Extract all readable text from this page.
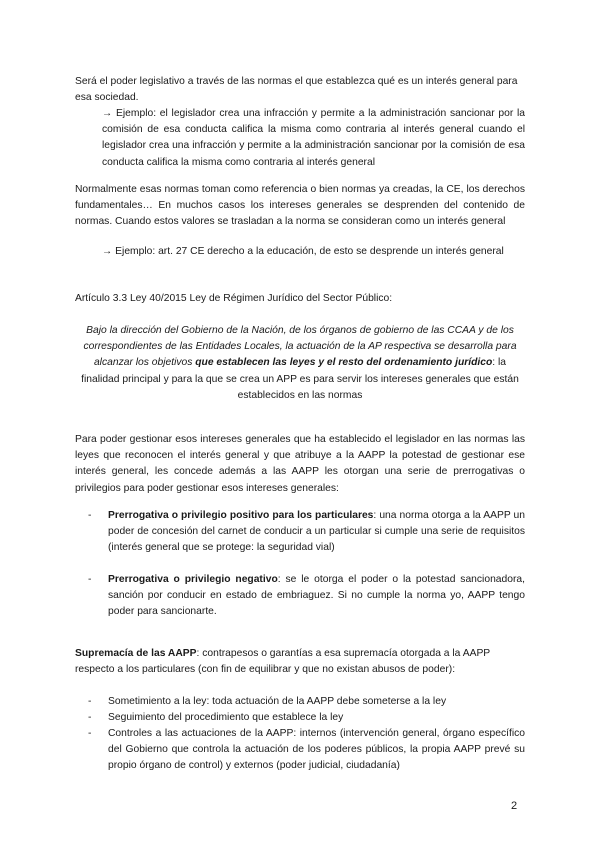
Será el poder legislativo a través de las normas el que establezca qué es un interés general para esa sociedad.

→ Ejemplo: el legislador crea una infracción y permite a la administración sancionar por la comisión de esa conducta califica la misma como contraria al interés general cuando el legislador crea una infracción y permite a la administración sancionar por la comisión de esa conducta califica la misma como contraria al interés general

Normalmente esas normas toman como referencia o bien normas ya creadas, la CE, los derechos fundamentales… En muchos casos los intereses generales se desprenden del contenido de normas. Cuando estos valores se trasladan a la norma se consideran como un interés general

→ Ejemplo: art. 27 CE derecho a la educación, de esto se desprende un interés general

Artículo 3.3 Ley 40/2015 Ley de Régimen Jurídico del Sector Público:

Bajo la dirección del Gobierno de la Nación, de los órganos de gobierno de las CCAA y de los correspondientes de las Entidades Locales, la actuación de la AP respectiva se desarrolla para alcanzar los objetivos que establecen las leyes y el resto del ordenamiento jurídico: la finalidad principal y para la que se crea un APP es para servir los intereses generales que están establecidos en las normas

Para poder gestionar esos intereses generales que ha establecido el legislador en las normas las leyes que reconocen el interés general y que atribuye a la AAPP la potestad de gestionar ese interés general, les concede además a las AAPP les otorgan una serie de prerrogativas o privilegios para poder gestionar esos intereses generales:

- Prerrogativa o privilegio positivo para los particulares: una norma otorga a la AAPP un poder de concesión del carnet de conducir a un particular si cumple una serie de requisitos (interés general que se protege: la seguridad vial)
- Prerrogativa o privilegio negativo: se le otorga el poder o la potestad sancionadora, sanción por conducir en estado de embriaguez. Si no cumple la norma yo, AAPP tengo poder para sancionarte.

Supremacía de las AAPP: contrapesos o garantías a esa supremacía otorgada a la AAPP respecto a los particulares (con fin de equilibrar y que no existan abusos de poder):

- Sometimiento a la ley: toda actuación de la AAPP debe someterse a la ley
- Seguimiento del procedimiento que establece la ley
- Controles a las actuaciones de la AAPP: internos (intervención general, órgano específico del Gobierno que controla la actuación de los poderes públicos, la propia AAPP prevé su propio órgano de control) y externos (poder judicial, ciudadanía)
2
